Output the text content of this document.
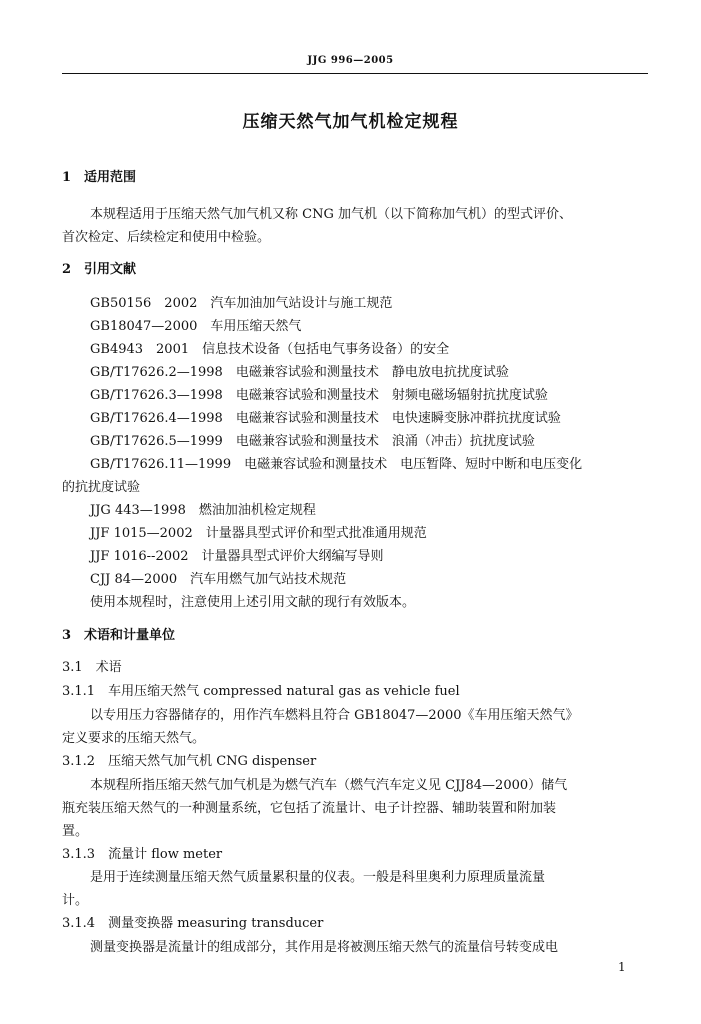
JJG 996—2005
压缩天然气加气机检定规程
1　适用范围
本规程适用于压缩天然气加气机又称 CNG 加气机（以下简称加气机）的型式评价、
首次检定、后续检定和使用中检验。
2　引用文献
GB50156　2002　汽车加油加气站设计与施工规范
GB18047—2000　车用压缩天然气
GB4943　2001　信息技术设备（包括电气事务设备）的安全
GB/T17626.2—1998　电磁兼容试验和测量技术　静电放电抗扰度试验
GB/T17626.3—1998　电磁兼容试验和测量技术　射频电磁场辐射抗扰度试验
GB/T17626.4—1998　电磁兼容试验和测量技术　电快速瞬变脉冲群抗扰度试验
GB/T17626.5—1999　电磁兼容试验和测量技术　浪涌（冲击）抗扰度试验
GB/T17626.11—1999　电磁兼容试验和测量技术　电压暂降、短时中断和电压变化
的抗扰度试验
JJG 443—1998　燃油加油机检定规程
JJF 1015—2002　计量器具型式评价和型式批准通用规范
JJF 1016--2002　计量器具型式评价大纲编写导则
CJJ 84—2000　汽车用燃气加气站技术规范
使用本规程时，注意使用上述引用文献的现行有效版本。
3　术语和计量单位
3.1　术语
3.1.1　车用压缩天然气 compressed natural gas as vehicle fuel
以专用压力容器储存的，用作汽车燃料且符合 GB18047—2000《车用压缩天然气》
定义要求的压缩天然气。
3.1.2　压缩天然气加气机 CNG dispenser
本规程所指压缩天然气加气机是为燃气汽车（燃气汽车定义见 CJJ84—2000）储气
瓶充装压缩天然气的一种测量系统，它包括了流量计、电子计控器、辅助装置和附加装
置。
3.1.3　流量计 flow meter
是用于连续测量压缩天然气质量累积量的仪表。一般是科里奥利力原理质量流量
计。
3.1.4　测量变换器 measuring transducer
测量变换器是流量计的组成部分，其作用是将被测压缩天然气的流量信号转变成电
1
